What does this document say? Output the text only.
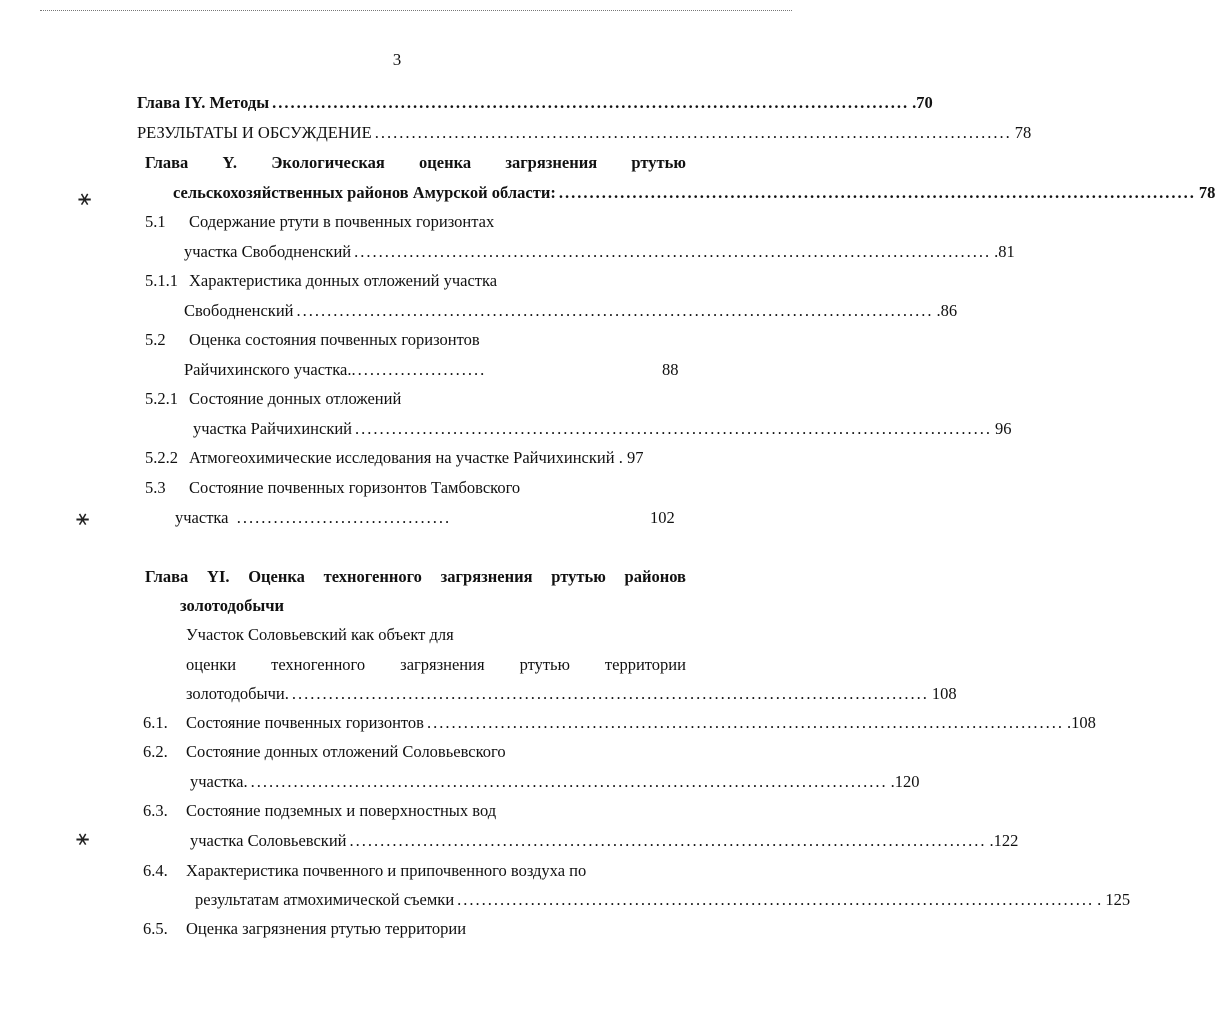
3
Глава IY. Методы ........................................................................................................ .70
РЕЗУЛЬТАТЫ И ОБСУЖДЕНИЕ ........................................................................................................ 78
Глава Y. Экологическая оценка загрязнения ртутью
сельскохозяйственных районов Амурской области: ........................................................................................................ 78
5.1 Содержание ртути в почвенных горизонтах
участка Свободненский ........................................................................................................ .81
5.1.1 Характеристика донных отложений участка
Свободненский ........................................................................................................ .86
5.2 Оценка состояния почвенных горизонтов
Райчихинского участка.......................	88
5.2.1 Состояние донных отложений
участка Райчихинский ........................................................................................................ 96
5.2.2 Атмогеохимические исследования на участке Райчихинский . 97
5.3 Состояние почвенных горизонтов Тамбовского
участка ...................................	102
Глава YI. Оценка техногенного загрязнения ртутью районов
золотодобычи
Участок Соловьевский как объект для
оценки техногенного загрязнения ртутью территории
золотодобычи. ........................................................................................................ 108
6.1.	Состояние почвенных горизонтов ........................................................................................................ .108
6.2. Состояние донных отложений Соловьевского
участка. ........................................................................................................ .120
6.3. Состояние подземных и поверхностных вод
участка Соловьевский ........................................................................................................ .122
6.4. Характеристика почвенного и припочвенного воздуха по
результатам атмохимической съемки ........................................................................................................ . 125
6.5. Оценка загрязнения ртутью территории
⚹
⚹
⚹
